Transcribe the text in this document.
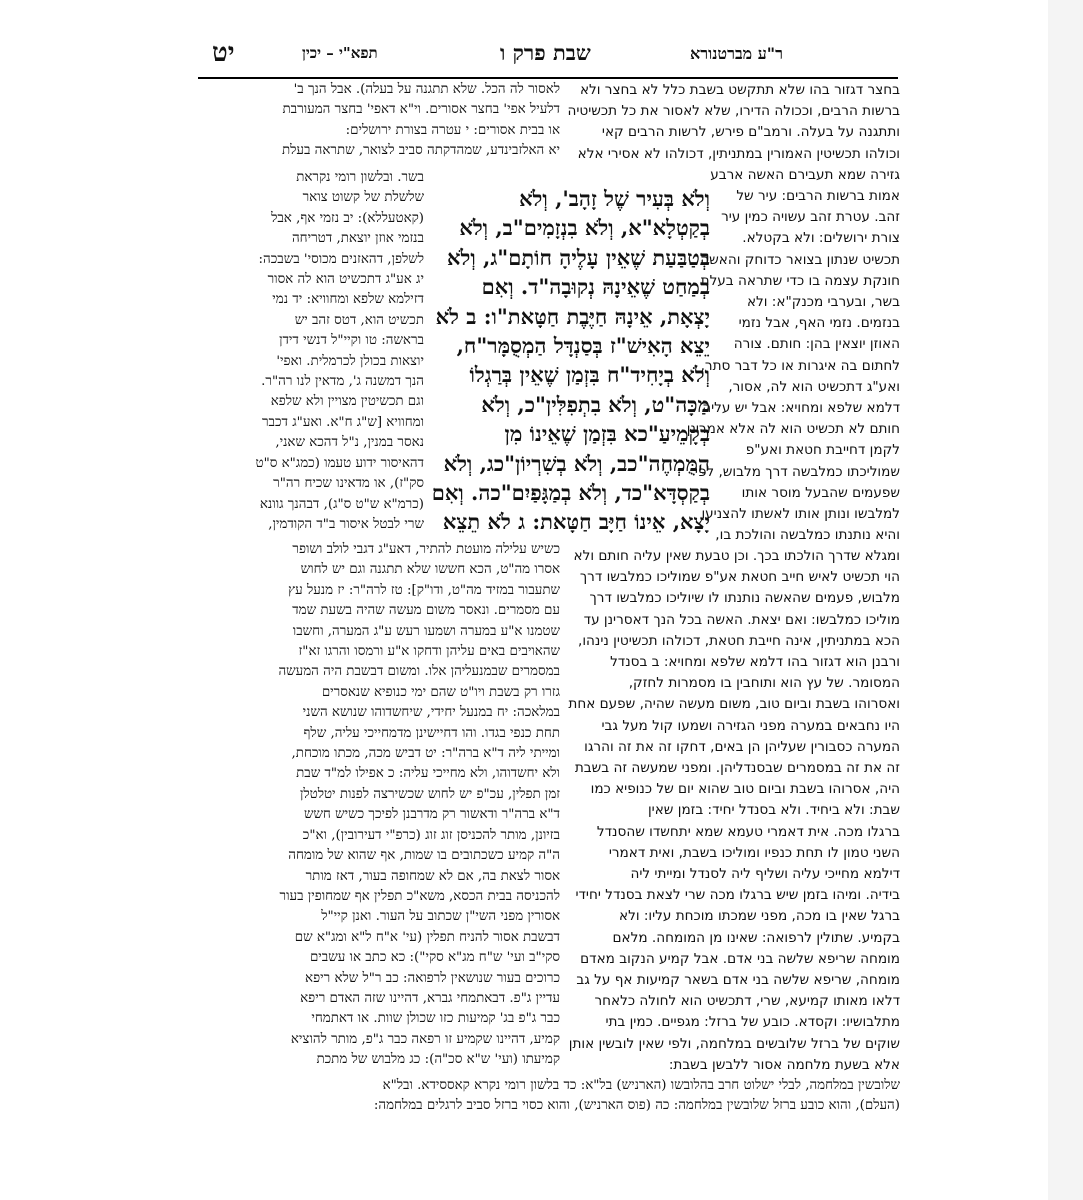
ר"ע מברטנורא
שבת פרק ו
תפא"י – יכין
יט
לאסור לה הכל. שלא תתגנה על בעלה). אבל הנך ב'
דלעיל אפי' בחצר אסורים. וי"א דאפי' בחצר המעורבת
או בבית אסורים: י עטרה בצורת ירושלים:
יא האלזבינדע, שמהדקתה סביב לצואר, שתראה בעלת
בשר. ובלשון רומי נקראת
שלשלת של קשוט צואר
(קאטעללא): יב נזמי אף, אבל
בנזמי אוזן יוצאת, דטריחה
לשלפן, דהאזנים מכוסי' בשבכה:
יג אע"ג דתכשיט הוא לה אסור
דזילמא שלפא ומחוויא: יד נמי
תכשיט הוא, דטס זהב יש
בראשה: טו וקיי"ל דנשי דידן
יוצאות בכולן לכרמלית. ואפי'
הנך דמשנה ג', מדאין לנו רה"ר.
וגם תכשיטין מצויין ולא שלפא
ומחוויא [ש"ג ח"א. ואע"ג דכבר
נאסר במנין, נ"ל דהכא שאני,
דהאיסור ידוע טעמו (כמג"א ס"ט
סק"ז), או מדאינו שכיח רה"ר
(כרמ"א ש"ט ס"ג), דבהנך גוונא
שרי לבטל איסור ב"ד הקודמין,
וְלֹא בְּעִיר שֶׁל זָהָב', וְלֹא
בְקַטְלָא"א, וְלֹא בִנְזָמִים"ב, וְלֹא
בְטַבַּעַת שֶׁאֵין עָלֶיהָ חוֹתָם"ג, וְלֹא
בְמַחַט שֶׁאֵינָהּ נְקוּבָה"ד. וְאִם
יָצְאָת, אֵינָהּ חַיֶּבֶת חַטָּאת"ו: ב לֹא
יֵצֵא הָאִישׁ"ז בְּסַנְדָּל הַמְסֻמָּר"ח,
וְלֹא בְיָחִיד"ח בִּזְמַן שֶׁאֵין בְּרַגְלוֹ
מַכָּה"ט, וְלֹא בִתְפִלִּין"כ, וְלֹא
בְקָמֵיעַ"כא בִּזְמַן שֶׁאֵינוֹ מִן
הַמֻּמְחֶה"כב, וְלֹא בְשִׁרְיוֹן"כג, וְלֹא
בְקַסְדָּא"כד, וְלֹא בְמַגָּפַיִם"כה. וְאִם
יָצָא, אֵינוֹ חַיָּב חַטָּאת: ג לֹא תֵצֵא
כשיש עלילה מועטת להתיר, דאע"ג דגבי לולב ושופר
אסרו מה"ט, הכא חששו שלא תתגנה וגם יש לחוש
שתעבור במזיד מה"ט, ודו"ק]: טז לרה"ר: יז מנעל עץ
עם מסמרים. ונאסר משום מעשה שהיה בשעת שמד
שטמנו א"ע במערה ושמעו רעש ע"ג המערה, וחשבו
שהאויבים באים עליהן ודחקו א"ע ורמסו והרגו זא"ז
במסמרים שבמנעליהן אלו. ומשום דבשבת היה המעשה
גזרו רק בשבת ויו"ט שהם ימי כנופיא שנאסרים
במלאכה: יח במנעל יחידי, שיחשדוהו שנושא השני
תחת כנפי בגדו. והו דחיישינן מדמחייכי עליה, שלף
ומייתי ליה ד"א ברה"ר: יט דביש מכה, מכתו מוכחת,
ולא יחשדוהו, ולא מחייכי עליה: כ אפילו למ"ד שבת
זמן תפלין, עכ"פ יש לחוש שכשירצה לפנות יטלטלן
ד"א ברה"ר ודאשור רק מדרבנן לפיכך כשיש חשש
בזיונן, מותר להכניסן זוג זוג (כרפ"י דעירובין), וא"כ
ה"ה קמיע כשכתובים בו שמות, אף שהוא של מומחה
אסור לצאת בה, אם לא שמחופה בעור, דאז מותר
להכניסה בבית הכסא, משא"כ תפלין אף שמחופין בעור
אסורין מפני השי"ן שכתוב על העור. ואנן קיי"ל
דבשבת אסור להניח תפלין (עי' א"ח ל"א ומג"א שם
סקי"ב ועי' ש"ח מג"א סקי"): כא כתב או עשבים
כרוכים בעור שנושאין לרפואה: כב ר"ל שלא ריפא
עדיין ג"פ. דבאתמחי גברא, דהיינו שזה האדם ריפא
כבר ג"פ בג' קמיעות כזו שכולן שוות. או דאתמחי
קמיע, דהיינו שקמיע זו רפאה כבר ג"פ, מותר להוציא
קמיעתו (ועי' ש"א סכ"ה): כג מלבוש של מתכת
בחצר דגזור בהו שלא תתקשט בשבת כלל לא בחצר ולא
ברשות הרבים, וככולה הדירו, שלא לאסור את כל תכשיטיה
ותתגנה על בעלה. ורמב"ם פירש, לרשות הרבים קאי
וכולהו תכשיטין האמורין במתניתין, דכולהו לא אסירי אלא
גזירה שמא תעבירם האשה ארבע
אמות ברשות הרבים: עיר של
זהב. עטרת זהב עשויה כמין עיר
צורת ירושלים: ולא בקטלא.
תכשיט שנתון בצואר כדוחק והאשה
חונקת עצמה בו כדי שתראה בעלת
בשר, ובערבי מכנק"א: ולא
בנזמים. נזמי האף, אבל נזמי
האוזן יוצאין בהן: חותם. צורה
לחתום בה איגרות או כל דבר סתר,
ואע"ג דתכשיט הוא לה, אסור,
דלמא שלפא ומחויא: אבל יש עליה
חותם לא תכשיט הוא לה אלא אמרינן
לקמן דחייבת חטאת ואע"פ
שמוליכתו כמלבשה דרך מלבוש, לפי
שפעמים שהבעל מוסר אותו
למלבשו ונותן אותו לאשתו להצניעו
והיא נותנתו כמלבשה והולכת בו,
ומגלא שדרך הולכתו בכך. וכן טבעת שאין עליה חותם ולא
הוי תכשיט לאיש חייב חטאת אע"פ שמוליכו כמלבשו דרך
מלבוש, פעמים שהאשה נותנתו לו שיוליכו כמלבשו דרך
מוליכו כמלבשו: ואם יצאת. האשה בכל הנך דאסרינן עד
הכא במתניתין, אינה חייבת חטאת, דכולהו תכשיטין נינהו,
ורבנן הוא דגזור בהו דלמא שלפא ומחויא: ב בסנדל
המסומר. של עץ הוא ותוחבין בו מסמרות לחזק,
ואסרוהו בשבת וביום טוב, משום מעשה שהיה, שפעם אחת
היו נחבאים במערה מפני הגזירה ושמעו קול מעל גבי
המערה כסבורין שעליהן הן באים, דחקו זה את זה והרגו
זה את זה במסמרים שבסנדליהן. ומפני שמעשה זה בשבת
היה, אסרוהו בשבת וביום טוב שהוא יום של כנופיא כמו
שבת: ולא ביחיד. ולא בסנדל יחיד: בזמן שאין
ברגלו מכה. אית דאמרי טעמא שמא יתחשדו שהסנדל
השני טמון לו תחת כנפיו ומוליכו בשבת, ואית דאמרי
דילמא מחייכי עליה ושליף ליה לסנדל ומייתי ליה
בידיה. ומיהו בזמן שיש ברגלו מכה שרי לצאת בסנדל יחידי
ברגל שאין בו מכה, מפני שמכתו מוכחת עליו: ולא
בקמיע. שתולין לרפואה: שאינו מן המומחה. מלאם
מומחה שריפא שלשה בני אדם. אבל קמיע הנקוב מאדם
מומחה, שריפא שלשה בני אדם בשאר קמיעות אף על גב
דלאו מאותו קמיעא, שרי, דתכשיט הוא לחולה כלאחר
מתלבושיו: וקסדא. כובע של ברזל: מגפיים. כמין בתי
שוקים של ברזל שלובשים במלחמה, ולפי שאין לובשין אותן
אלא בשעת מלחמה אסור ללבשן בשבת:
שלובשין במלחמה, לבלי ישלוט חרב בהלובשו (הארניש) בל"א: כד בלשון רומי נקרא קאססידא. ובל"א
(העלם), והוא כובע ברזל שלובשין במלחמה: כה (פוס הארניש), והוא כסוי ברזל סביב לרגלים במלחמה:
